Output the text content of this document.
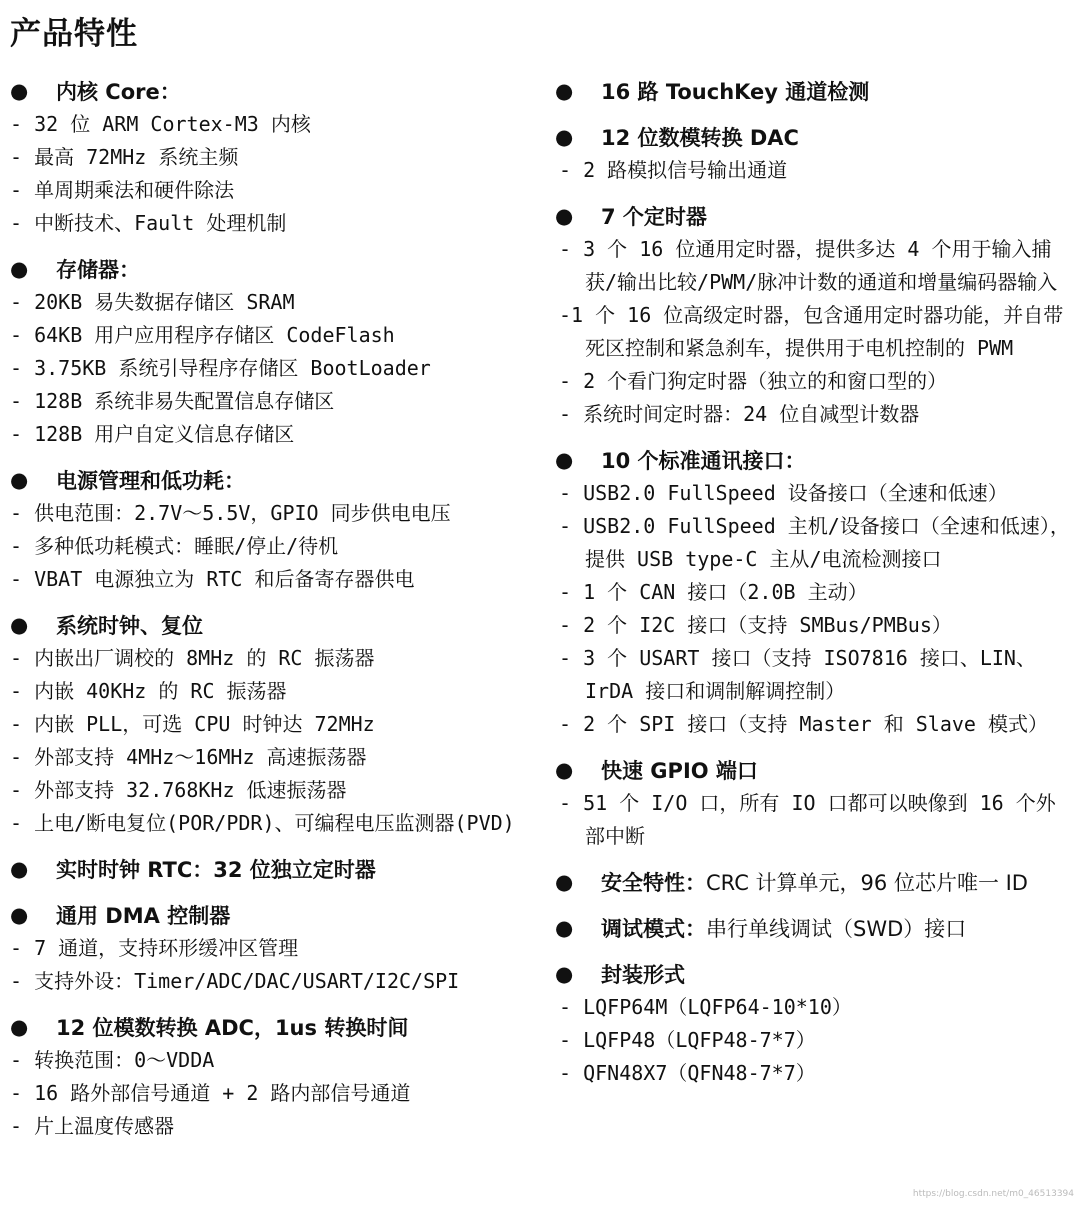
产品特性
●	内核 Core：
- 32 位 ARM Cortex-M3 内核
- 最高 72MHz 系统主频
- 单周期乘法和硬件除法
- 中断技术、Fault 处理机制
●	存储器：
- 20KB 易失数据存储区 SRAM
- 64KB 用户应用程序存储区 CodeFlash
- 3.75KB 系统引导程序存储区 BootLoader
- 128B 系统非易失配置信息存储区
- 128B 用户自定义信息存储区
●	电源管理和低功耗：
- 供电范围：2.7V～5.5V，GPIO 同步供电电压
- 多种低功耗模式：睡眠/停止/待机
- VBAT 电源独立为 RTC 和后备寄存器供电
●	系统时钟、复位
- 内嵌出厂调校的 8MHz 的 RC 振荡器
- 内嵌 40KHz 的 RC 振荡器
- 内嵌 PLL，可选 CPU 时钟达 72MHz
- 外部支持 4MHz～16MHz 高速振荡器
- 外部支持 32.768KHz 低速振荡器
- 上电/断电复位(POR/PDR)、可编程电压监测器(PVD)
●	实时时钟 RTC：32 位独立定时器
●	通用 DMA 控制器
- 7 通道，支持环形缓冲区管理
- 支持外设：Timer/ADC/DAC/USART/I2C/SPI
●	12 位模数转换 ADC，1us 转换时间
- 转换范围：0～VDDA
- 16 路外部信号通道 + 2 路内部信号通道
- 片上温度传感器
●	16 路 TouchKey 通道检测
●	12 位数模转换 DAC
- 2 路模拟信号输出通道
●	7 个定时器
- 3 个 16 位通用定时器，提供多达 4 个用于输入捕获/输出比较/PWM/脉冲计数的通道和增量编码器输入
-1 个 16 位高级定时器，包含通用定时器功能，并自带死区控制和紧急刹车，提供用于电机控制的 PWM
- 2 个看门狗定时器（独立的和窗口型的）
- 系统时间定时器：24 位自减型计数器
●	10 个标准通讯接口：
- USB2.0 FullSpeed 设备接口（全速和低速）
- USB2.0 FullSpeed 主机/设备接口（全速和低速），提供 USB type-C 主从/电流检测接口
- 1 个 CAN 接口（2.0B 主动）
- 2 个 I2C 接口（支持 SMBus/PMBus）
- 3 个 USART 接口（支持 ISO7816 接口、LIN、IrDA 接口和调制解调控制）
- 2 个 SPI 接口（支持 Master 和 Slave 模式）
●	快速 GPIO 端口
- 51 个 I/O 口，所有 IO 口都可以映像到 16 个外部中断
●	安全特性： CRC 计算单元，96 位芯片唯一 ID
●	调试模式： 串行单线调试（SWD）接口
●	封装形式
- LQFP64M（LQFP64-10*10）
- LQFP48（LQFP48-7*7）
- QFN48X7（QFN48-7*7）
https://blog.csdn.net/m0_46513394
